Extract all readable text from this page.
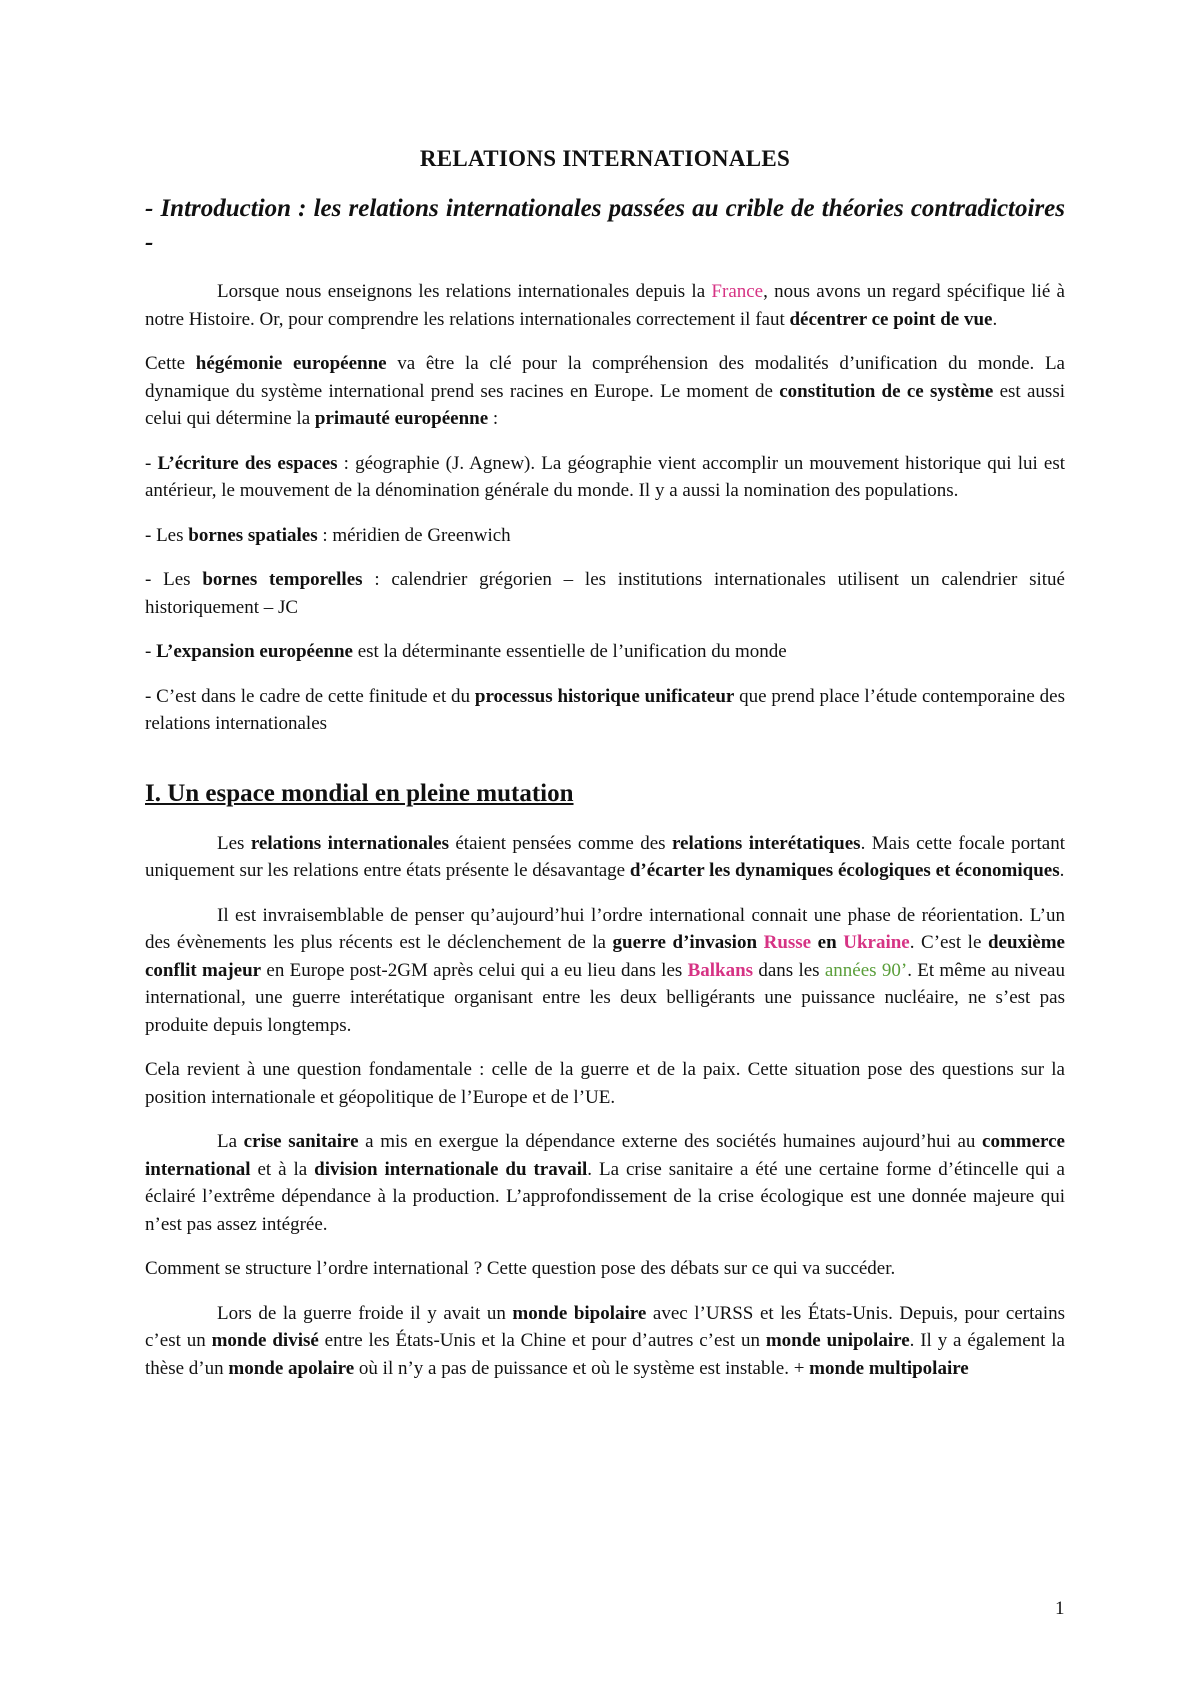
RELATIONS INTERNATIONALES
- Introduction : les relations internationales passées au crible de théories contradictoires -

Lorsque nous enseignons les relations internationales depuis la France, nous avons un regard spécifique lié à notre Histoire. Or, pour comprendre les relations internationales correctement il faut décentrer ce point de vue.

Cette hégémonie européenne va être la clé pour la compréhension des modalités d’unification du monde. La dynamique du système international prend ses racines en Europe. Le moment de constitution de ce système est aussi celui qui détermine la primauté européenne :

- L’écriture des espaces : géographie (J. Agnew). La géographie vient accomplir un mouvement historique qui lui est antérieur, le mouvement de la dénomination générale du monde. Il y a aussi la nomination des populations.

- Les bornes spatiales : méridien de Greenwich

- Les bornes temporelles : calendrier grégorien – les institutions internationales utilisent un calendrier situé historiquement – JC

- L’expansion européenne est la déterminante essentielle de l’unification du monde

- C’est dans le cadre de cette finitude et du processus historique unificateur que prend place l’étude contemporaine des relations internationales

I. Un espace mondial en pleine mutation

Les relations internationales étaient pensées comme des relations interétatiques. Mais cette focale portant uniquement sur les relations entre états présente le désavantage d’écarter les dynamiques écologiques et économiques.

Il est invraisemblable de penser qu’aujourd’hui l’ordre international connait une phase de réorientation. L’un des évènements les plus récents est le déclenchement de la guerre d’invasion Russe en Ukraine. C’est le deuxième conflit majeur en Europe post-2GM après celui qui a eu lieu dans les Balkans dans les années 90’. Et même au niveau international, une guerre interétatique organisant entre les deux belligérants une puissance nucléaire, ne s’est pas produite depuis longtemps.

Cela revient à une question fondamentale : celle de la guerre et de la paix. Cette situation pose des questions sur la position internationale et géopolitique de l’Europe et de l’UE.

La crise sanitaire a mis en exergue la dépendance externe des sociétés humaines aujourd’hui au commerce international et à la division internationale du travail. La crise sanitaire a été une certaine forme d’étincelle qui a éclairé l’extrême dépendance à la production. L’approfondissement de la crise écologique est une donnée majeure qui n’est pas assez intégrée.

Comment se structure l’ordre international ? Cette question pose des débats sur ce qui va succéder.

Lors de la guerre froide il y avait un monde bipolaire avec l’URSS et les États-Unis. Depuis, pour certains c’est un monde divisé entre les États-Unis et la Chine et pour d’autres c’est un monde unipolaire. Il y a également la thèse d’un monde apolaire où il n’y a pas de puissance et où le système est instable. + monde multipolaire

1
